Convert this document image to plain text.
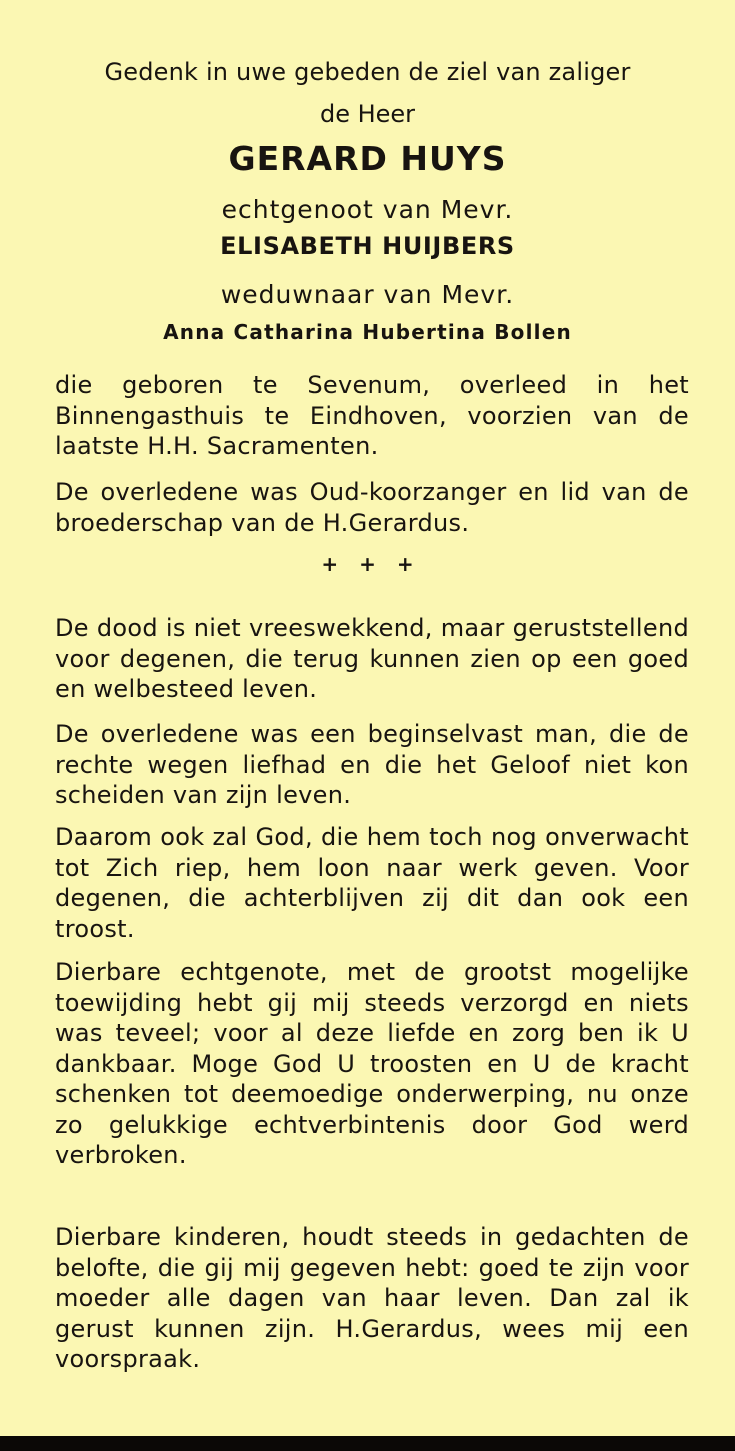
Gedenk in uwe gebeden de ziel van zaliger
de Heer
GERARD HUYS
echtgenoot van Mevr.
ELISABETH HUIJBERS
weduwnaar van Mevr.
Anna Catharina Hubertina Bollen
die geboren te Sevenum, overleed in het Binnengasthuis te Eindhoven, voorzien van de laatste H.H. Sacramenten.
De overledene was Oud-koorzanger en lid van de broederschap van de H.Gerardus.
+ + +
De dood is niet vreeswekkend, maar geruststellend voor degenen, die terug kunnen zien op een goed en welbesteed leven.
De overledene was een beginselvast man, die de rechte wegen liefhad en die het Geloof niet kon scheiden van zijn leven.
Daarom ook zal God, die hem toch nog onverwacht tot Zich riep, hem loon naar werk geven. Voor degenen, die achterblijven zij dit dan ook een troost.
Dierbare echtgenote, met de grootst mogelijke toewijding hebt gij mij steeds verzorgd en niets was teveel; voor al deze liefde en zorg ben ik U dankbaar. Moge God U troosten en U de kracht schenken tot deemoedige onderwerping, nu onze zo gelukkige echtverbintenis door God werd verbroken.
Dierbare kinderen, houdt steeds in gedachten de belofte, die gij mij gegeven hebt: goed te zijn voor moeder alle dagen van haar leven. Dan zal ik gerust kunnen zijn. H.Gerardus, wees mij een voorspraak.
